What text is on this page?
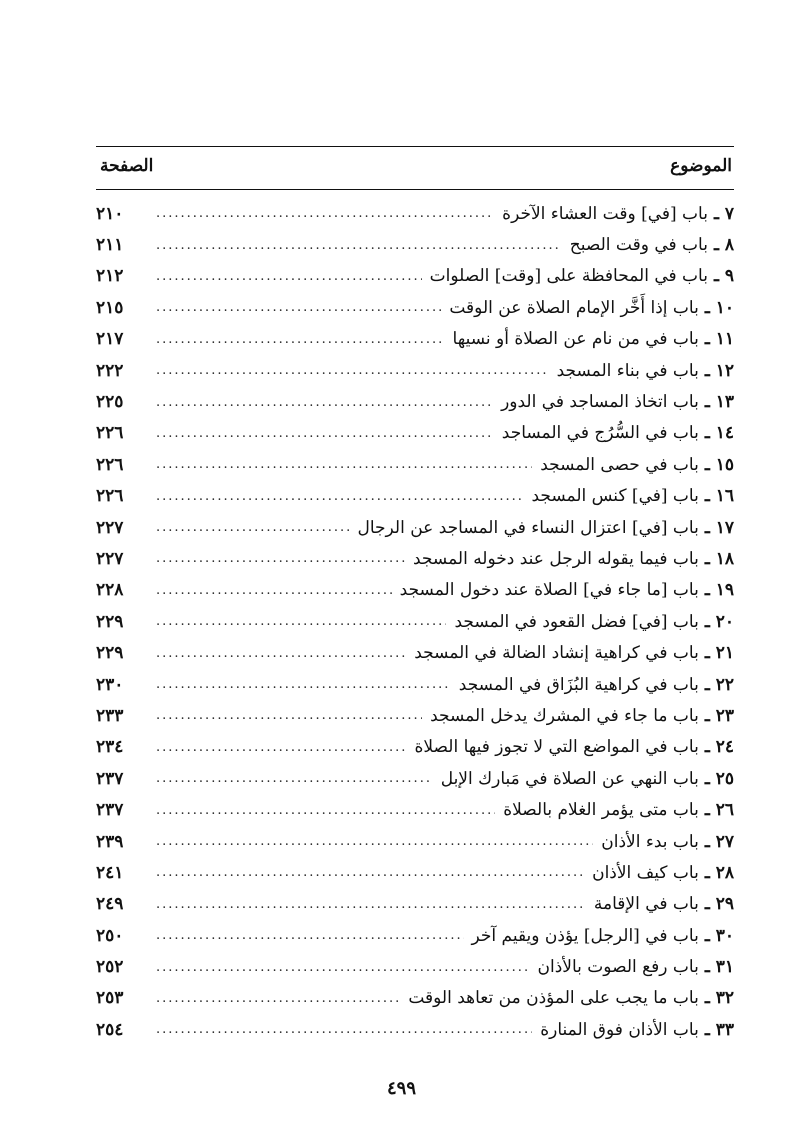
الموضوع
الصفحة
٧ ـ
باب [في] وقت العشاء الآخرة
.....
٢١٠
٨ ـ
باب في وقت الصبح
.....
٢١١
٩ ـ
باب في المحافظة على [وقت] الصلوات
.....
٢١٢
١٠ ـ
باب إذا أَخَّر الإمام الصلاة عن الوقت
.....
٢١٥
١١ ـ
باب في من نام عن الصلاة أو نسيها
.....
٢١٧
١٢ ـ
باب في بناء المسجد
.....
٢٢٢
١٣ ـ
باب اتخاذ المساجد في الدور
.....
٢٢٥
١٤ ـ
باب في السُّرُج في المساجد
.....
٢٢٦
١٥ ـ
باب في حصى المسجد
.....
٢٢٦
١٦ ـ
باب [في] كنس المسجد
.....
٢٢٦
١٧ ـ
باب [في] اعتزال النساء في المساجد عن الرجال
.....
٢٢٧
١٨ ـ
باب فيما يقوله الرجل عند دخوله المسجد
.....
٢٢٧
١٩ ـ
باب [ما جاء في] الصلاة عند دخول المسجد
.....
٢٢٨
٢٠ ـ
باب [في] فضل القعود في المسجد
.....
٢٢٩
٢١ ـ
باب في كراهية إنشاد الضالة في المسجد
.....
٢٢٩
٢٢ ـ
باب في كراهية البُزَاق في المسجد
.....
٢٣٠
٢٣ ـ
باب ما جاء في المشرك يدخل المسجد
.....
٢٣٣
٢٤ ـ
باب في المواضع التي لا تجوز فيها الصلاة
.....
٢٣٤
٢٥ ـ
باب النهي عن الصلاة في مَبارك الإبل
.....
٢٣٧
٢٦ ـ
باب متى يؤمر الغلام بالصلاة
.....
٢٣٧
٢٧ ـ
باب بدء الأذان
.....
٢٣٩
٢٨ ـ
باب كيف الأذان
.....
٢٤١
٢٩ ـ
باب في الإقامة
.....
٢٤٩
٣٠ ـ
باب في [الرجل] يؤذن ويقيم آخر
.....
٢٥٠
٣١ ـ
باب رفع الصوت بالأذان
.....
٢٥٢
٣٢ ـ
باب ما يجب على المؤذن من تعاهد الوقت
.....
٢٥٣
٣٣ ـ
باب الأذان فوق المنارة
.....
٢٥٤
٤٩٩
